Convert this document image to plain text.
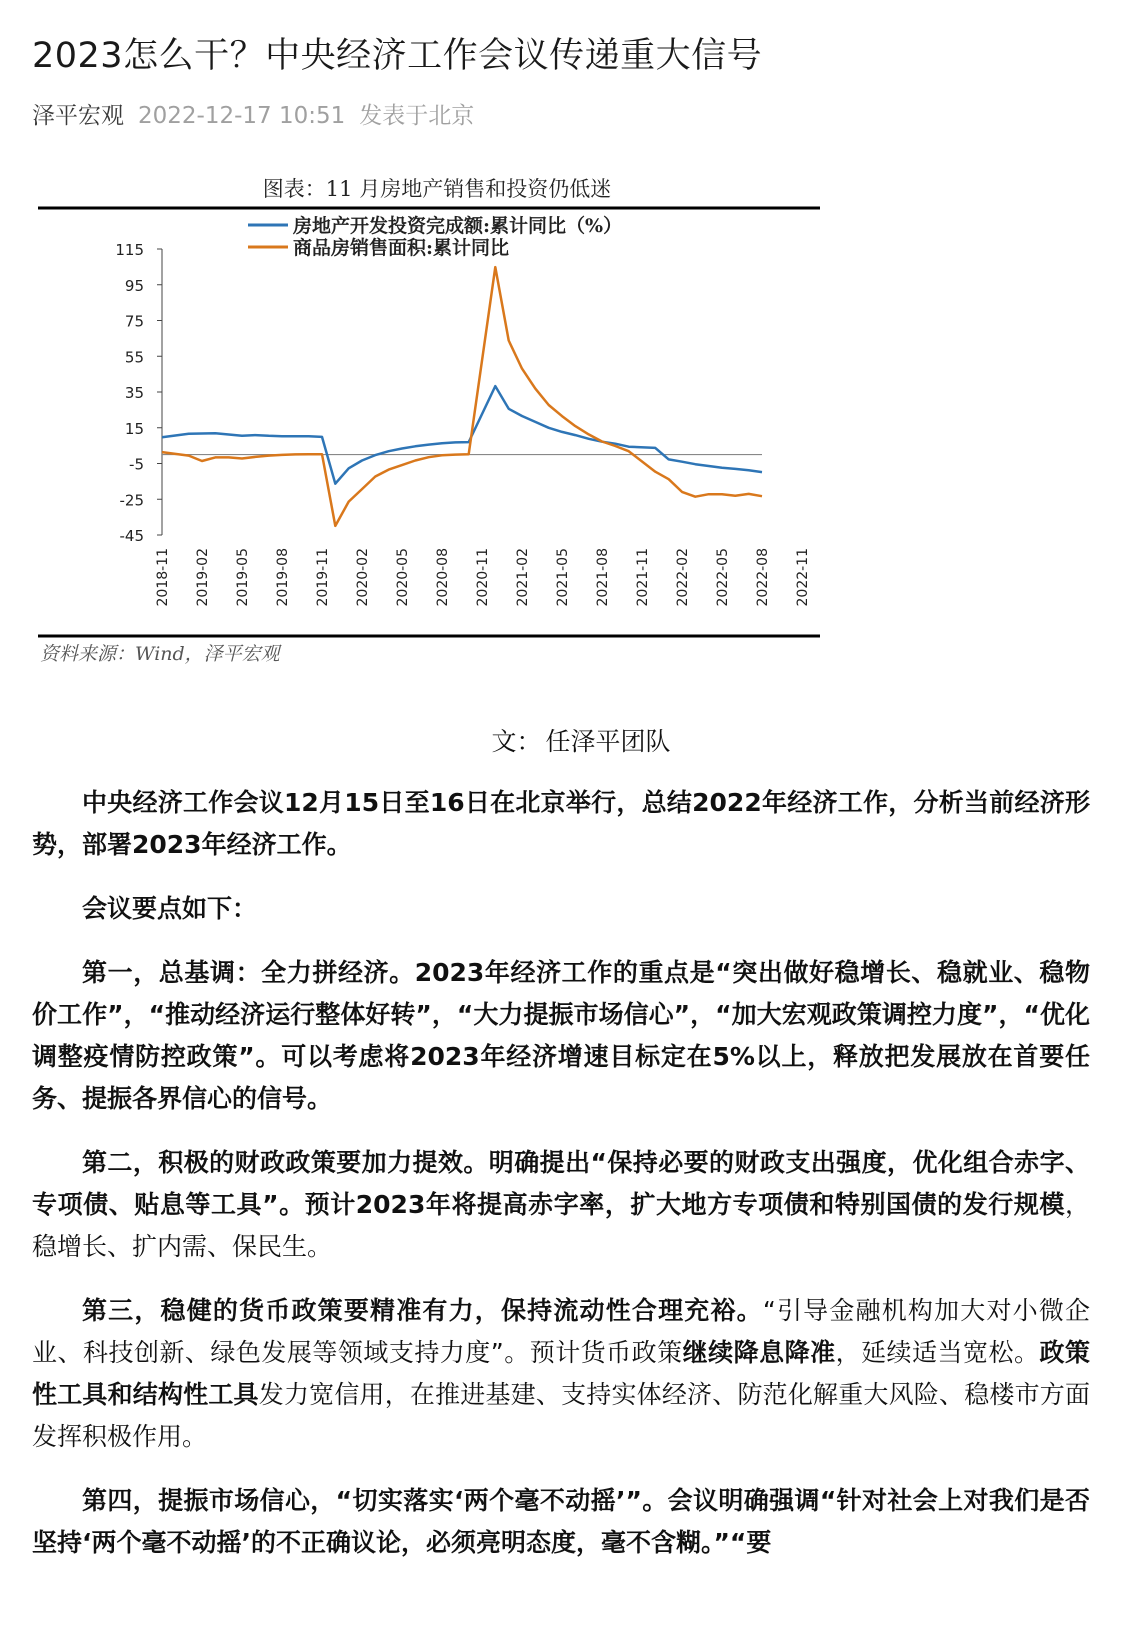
2023怎么干？中央经济工作会议传递重大信号
泽平宏观 2022-12-17 10:51 发表于北京
图表：11 月房地产销售和投资仍低迷
资料来源：Wind，泽平宏观
房地产开发投资完成额:累计同比（%）
商品房销售面积:累计同比
115
95
75
55
35
15
-5
-25
-45
2018-11 2019-02 2019-05 2019-08 2019-11 2020-02 2020-05 2020-08 2020-11 2021-02 2021-05 2021-08 2021-11 2022-02 2022-05 2022-08 2022-11
文： 任泽平团队

中央经济工作会议12月15日至16日在北京举行，总结2022年经济工作，分析当前经济形势，部署2023年经济工作。

会议要点如下：

第一，总基调：全力拼经济。2023年经济工作的重点是“突出做好稳增长、稳就业、稳物价工作”，“推动经济运行整体好转”，“大力提振市场信心”，“加大宏观政策调控力度”，“优化调整疫情防控政策”。可以考虑将2023年经济增速目标定在5%以上，释放把发展放在首要任务、提振各界信心的信号。

第二，积极的财政政策要加力提效。明确提出“保持必要的财政支出强度，优化组合赤字、专项债、贴息等工具”。预计2023年将提高赤字率，扩大地方专项债和特别国债的发行规模，稳增长、扩内需、保民生。

第三，稳健的货币政策要精准有力，保持流动性合理充裕。“引导金融机构加大对小微企业、科技创新、绿色发展等领域支持力度”。预计货币政策继续降息降准，延续适当宽松。政策性工具和结构性工具发力宽信用，在推进基建、支持实体经济、防范化解重大风险、稳楼市方面发挥积极作用。

第四，提振市场信心，“切实落实‘两个毫不动摇’”。会议明确强调“针对社会上对我们是否坚持‘两个毫不动摇’的不正确议论，必须亮明态度，毫不含糊。”“要
